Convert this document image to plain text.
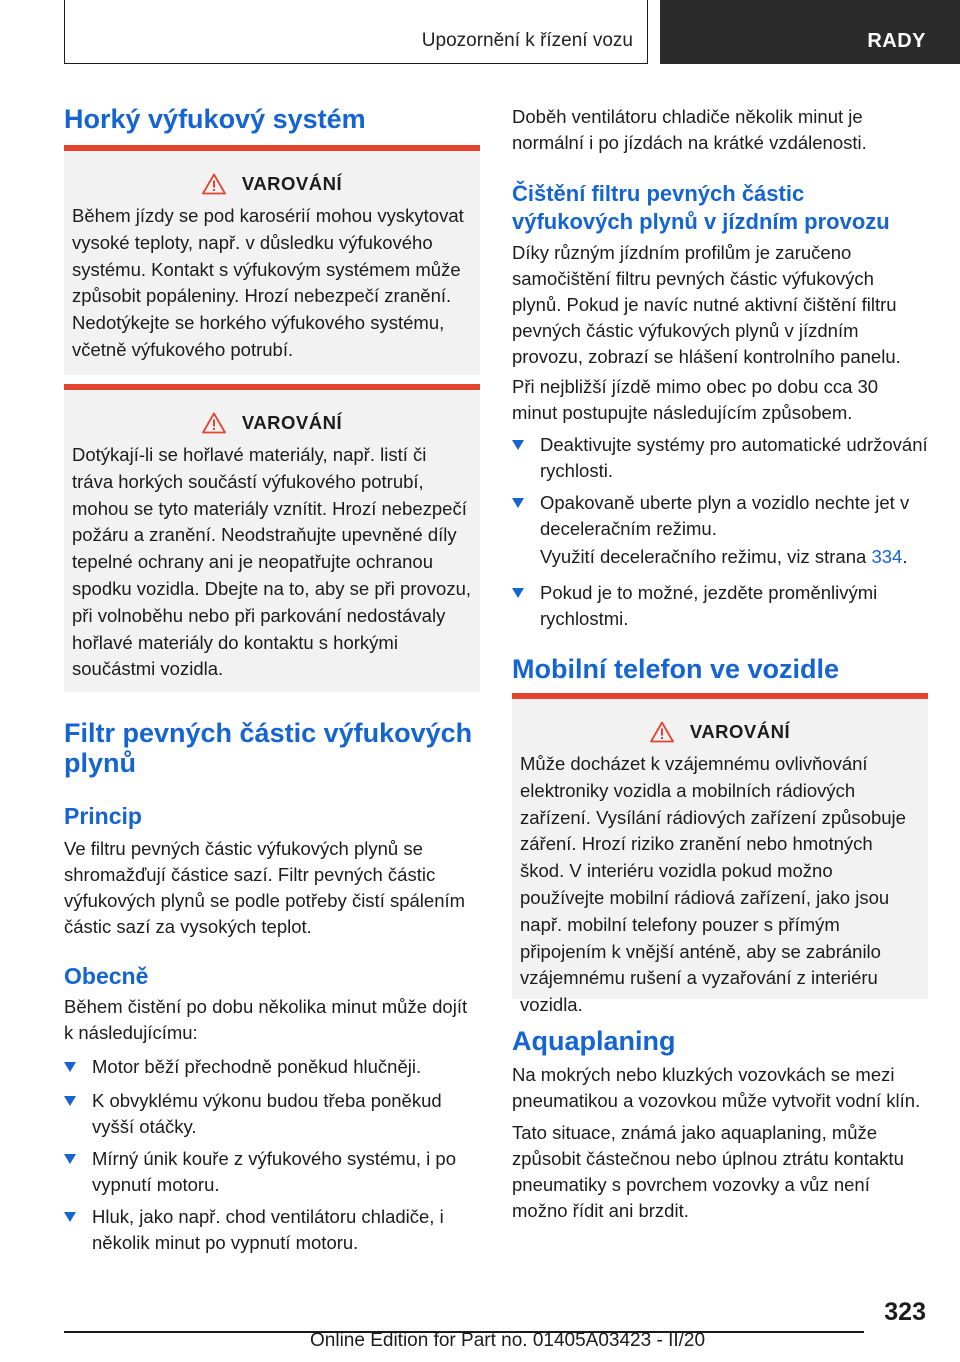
Upozornění k řízení vozu	RADY
Horký výfukový systém
VAROVÁNÍ

Během jízdy se pod karosérií mohou vyskytovat vysoké teploty, např. v důsledku výfukového systému. Kontakt s výfukovým systémem může způsobit popáleniny. Hrozí nebezpečí zranění. Nedotýkejte se horkého výfukového systému, včetně výfukového potrubí.

VAROVÁNÍ

Dotýkají-li se hořlavé materiály, např. listí či tráva horkých součástí výfukového potrubí, mohou se tyto materiály vznítit. Hrozí nebezpečí požáru a zranění. Neodstraňujte upevněné díly tepelné ochrany ani je neopatřujte ochranou spodku vozidla. Dbejte na to, aby se při provozu, při volnoběhu nebo při parkování nedostávaly hořlavé materiály do kontaktu s horkými součástmi vozidla.

Filtr pevných částic výfukových plynů
Princip

Ve filtru pevných částic výfukových plynů se shromažďují částice sazí. Filtr pevných částic výfukových plynů se podle potřeby čistí spálením částic sazí za vysokých teplot.

Obecně

Během čistění po dobu několika minut může dojít k následujícímu:

Motor běží přechodně poněkud hlučněji.

K obvyklému výkonu budou třeba poněkud vyšší otáčky.

Mírný únik kouře z výfukového systému, i po vypnutí motoru.

Hluk, jako např. chod ventilátoru chladiče, i několik minut po vypnutí motoru.

Doběh ventilátoru chladiče několik minut je normální i po jízdách na krátké vzdálenosti.

Čištění filtru pevných částic výfukových plynů v jízdním provozu

Díky různým jízdním profilům je zaručeno samočištění filtru pevných částic výfukových plynů. Pokud je navíc nutné aktivní čištění filtru pevných částic výfukových plynů v jízdním provozu, zobrazí se hlášení kontrolního panelu.

Při nejbližší jízdě mimo obec po dobu cca 30 minut postupujte následujícím způsobem.

Deaktivujte systémy pro automatické udržování rychlosti.

Opakovaně uberte plyn a vozidlo nechte jet v deceleračním režimu.

Využití deceleračního režimu, viz strana 334.

Pokud je to možné, jezděte proměnlivými rychlostmi.

Mobilní telefon ve vozidle
VAROVÁNÍ

Může docházet k vzájemnému ovlivňování elektroniky vozidla a mobilních rádiových zařízení. Vysílání rádiových zařízení způsobuje záření. Hrozí riziko zranění nebo hmotných škod. V interiéru vozidla pokud možno používejte mobilní rádiová zařízení, jako jsou např. mobilní telefony pouzer s přímým připojením k vnější anténě, aby se zabránilo vzájemnému rušení a vyzařování z interiéru vozidla.

Aquaplaning

Na mokrých nebo kluzkých vozovkách se mezi pneumatikou a vozovkou může vytvořit vodní klín.

Tato situace, známá jako aquaplaning, může způsobit částečnou nebo úplnou ztrátu kontaktu pneumatiky s povrchem vozovky a vůz není možno řídit ani brzdit.

323
Online Edition for Part no. 01405A03423 - II/20
